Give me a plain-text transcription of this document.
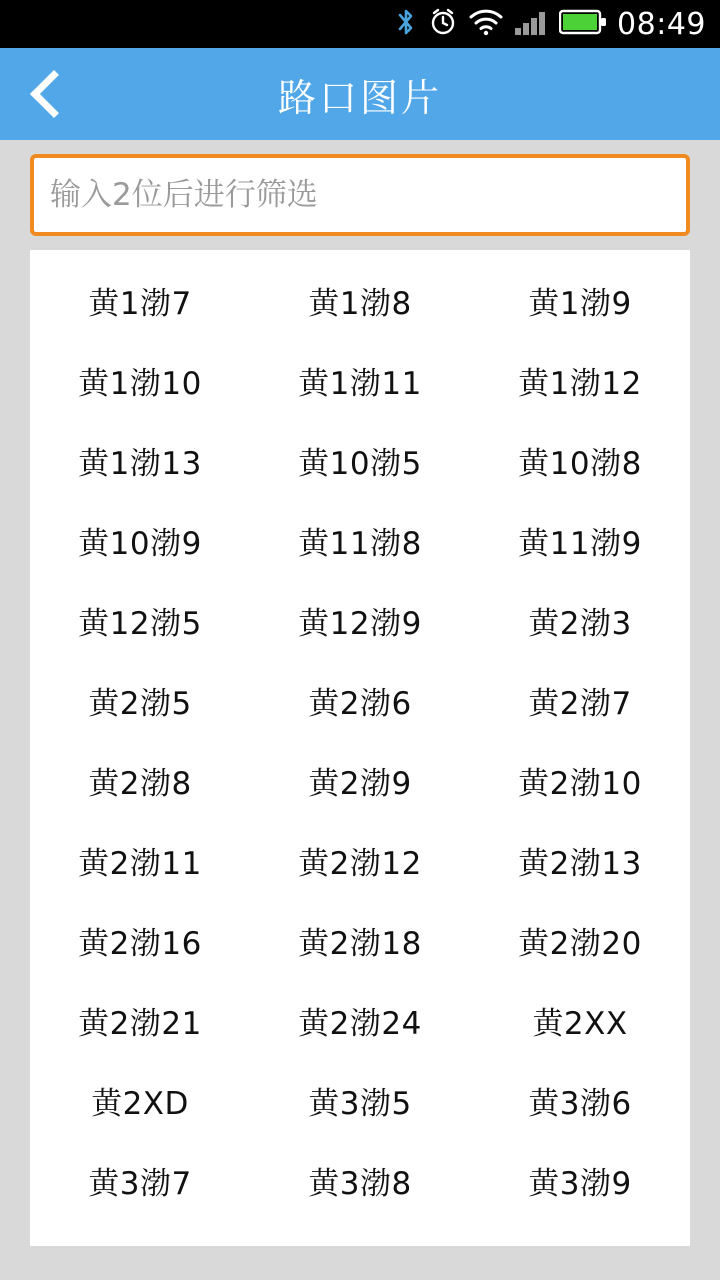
08:49
路口图片
输入2位后进行筛选
黄1渤7	黄1渤8	黄1渤9
黄1渤10	黄1渤11	黄1渤12
黄1渤13	黄10渤5	黄10渤8
黄10渤9	黄11渤8	黄11渤9
黄12渤5	黄12渤9	黄2渤3
黄2渤5	黄2渤6	黄2渤7
黄2渤8	黄2渤9	黄2渤10
黄2渤11	黄2渤12	黄2渤13
黄2渤16	黄2渤18	黄2渤20
黄2渤21	黄2渤24	黄2XX
黄2XD	黄3渤5	黄3渤6
黄3渤7	黄3渤8	黄3渤9
